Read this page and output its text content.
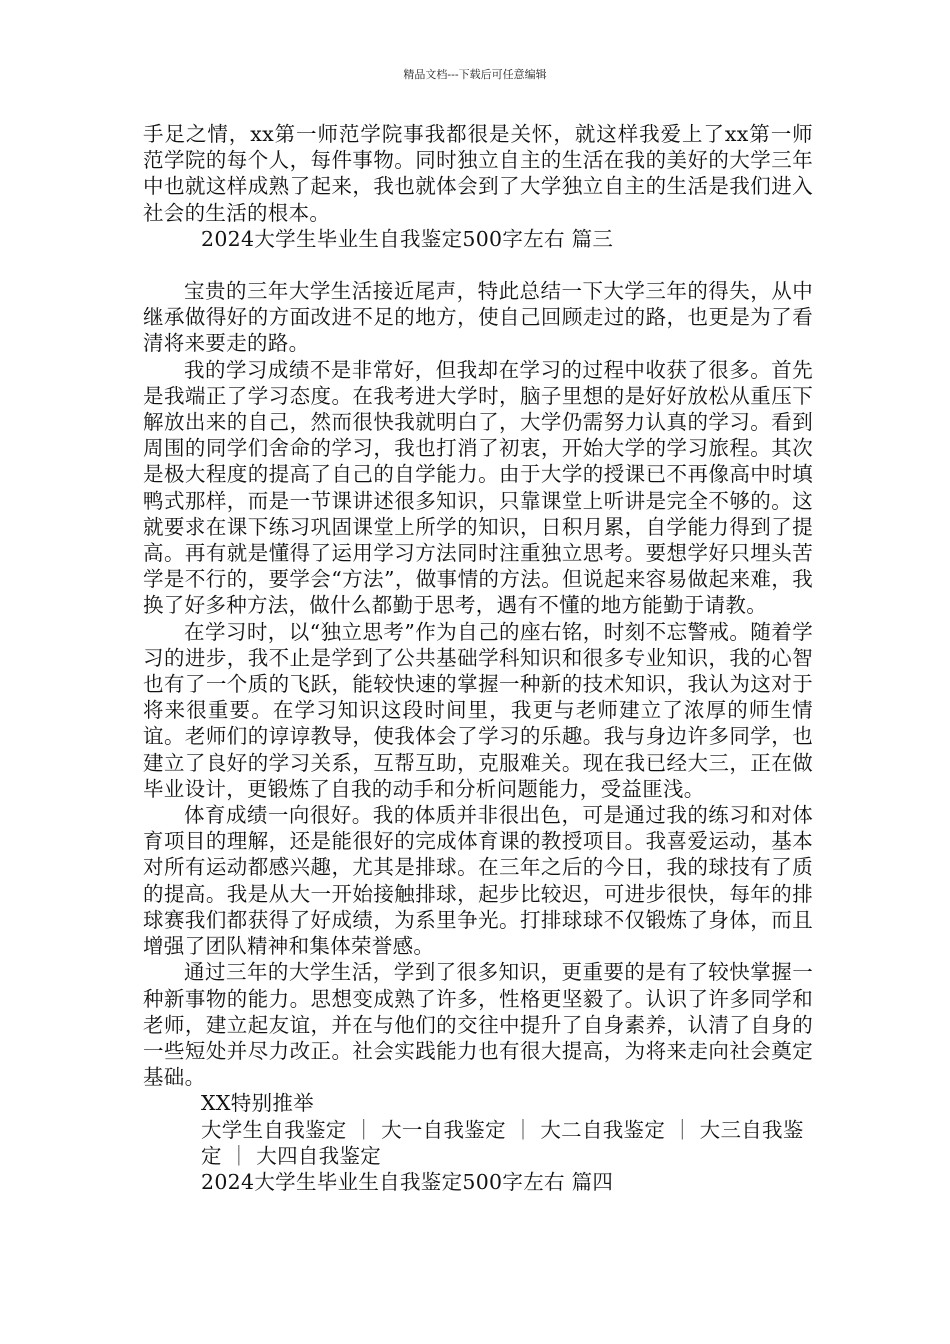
精品文档---下载后可任意编辑

手足之情，xx第一师范学院事我都很是关怀，就这样我爱上了xx第一师范学院的每个人，每件事物。同时独立自主的生活在我的美好的大学三年中也就这样成熟了起来，我也就体会到了大学独立自主的生活是我们进入社会的生活的根本。

2024大学生毕业生自我鉴定500字左右 篇三

宝贵的三年大学生活接近尾声，特此总结一下大学三年的得失，从中继承做得好的方面改进不足的地方，使自己回顾走过的路，也更是为了看清将来要走的路。

我的学习成绩不是非常好，但我却在学习的过程中收获了很多。首先是我端正了学习态度。在我考进大学时，脑子里想的是好好放松从重压下解放出来的自己，然而很快我就明白了，大学仍需努力认真的学习。看到周围的同学们舍命的学习，我也打消了初衷，开始大学的学习旅程。其次是极大程度的提高了自己的自学能力。由于大学的授课已不再像高中时填鸭式那样，而是一节课讲述很多知识，只靠课堂上听讲是完全不够的。这就要求在课下练习巩固课堂上所学的知识，日积月累，自学能力得到了提高。再有就是懂得了运用学习方法同时注重独立思考。要想学好只埋头苦学是不行的，要学会“方法”，做事情的方法。但说起来容易做起来难，我换了好多种方法，做什么都勤于思考，遇有不懂的地方能勤于请教。

在学习时，以“独立思考”作为自己的座右铭，时刻不忘警戒。随着学习的进步，我不止是学到了公共基础学科知识和很多专业知识，我的心智也有了一个质的飞跃，能较快速的掌握一种新的技术知识，我认为这对于将来很重要。在学习知识这段时间里，我更与老师建立了浓厚的师生情谊。老师们的谆谆教导，使我体会了学习的乐趣。我与身边许多同学，也建立了良好的学习关系，互帮互助，克服难关。现在我已经大三，正在做毕业设计，更锻炼了自我的动手和分析问题能力，受益匪浅。

体育成绩一向很好。我的体质并非很出色，可是通过我的练习和对体育项目的理解，还是能很好的完成体育课的教授项目。我喜爱运动，基本对所有运动都感兴趣，尤其是排球。在三年之后的今日，我的球技有了质的提高。我是从大一开始接触排球，起步比较迟，可进步很快，每年的排球赛我们都获得了好成绩，为系里争光。打排球球不仅锻炼了身体，而且增强了团队精神和集体荣誉感。

通过三年的大学生活，学到了很多知识，更重要的是有了较快掌握一种新事物的能力。思想变成熟了许多，性格更坚毅了。认识了许多同学和老师，建立起友谊，并在与他们的交往中提升了自身素养，认清了自身的一些短处并尽力改正。社会实践能力也有很大提高，为将来走向社会奠定基础。

XX特别推举

大学生自我鉴定 ｜ 大一自我鉴定 ｜ 大二自我鉴定 ｜ 大三自我鉴定 ｜ 大四自我鉴定

2024大学生毕业生自我鉴定500字左右 篇四
